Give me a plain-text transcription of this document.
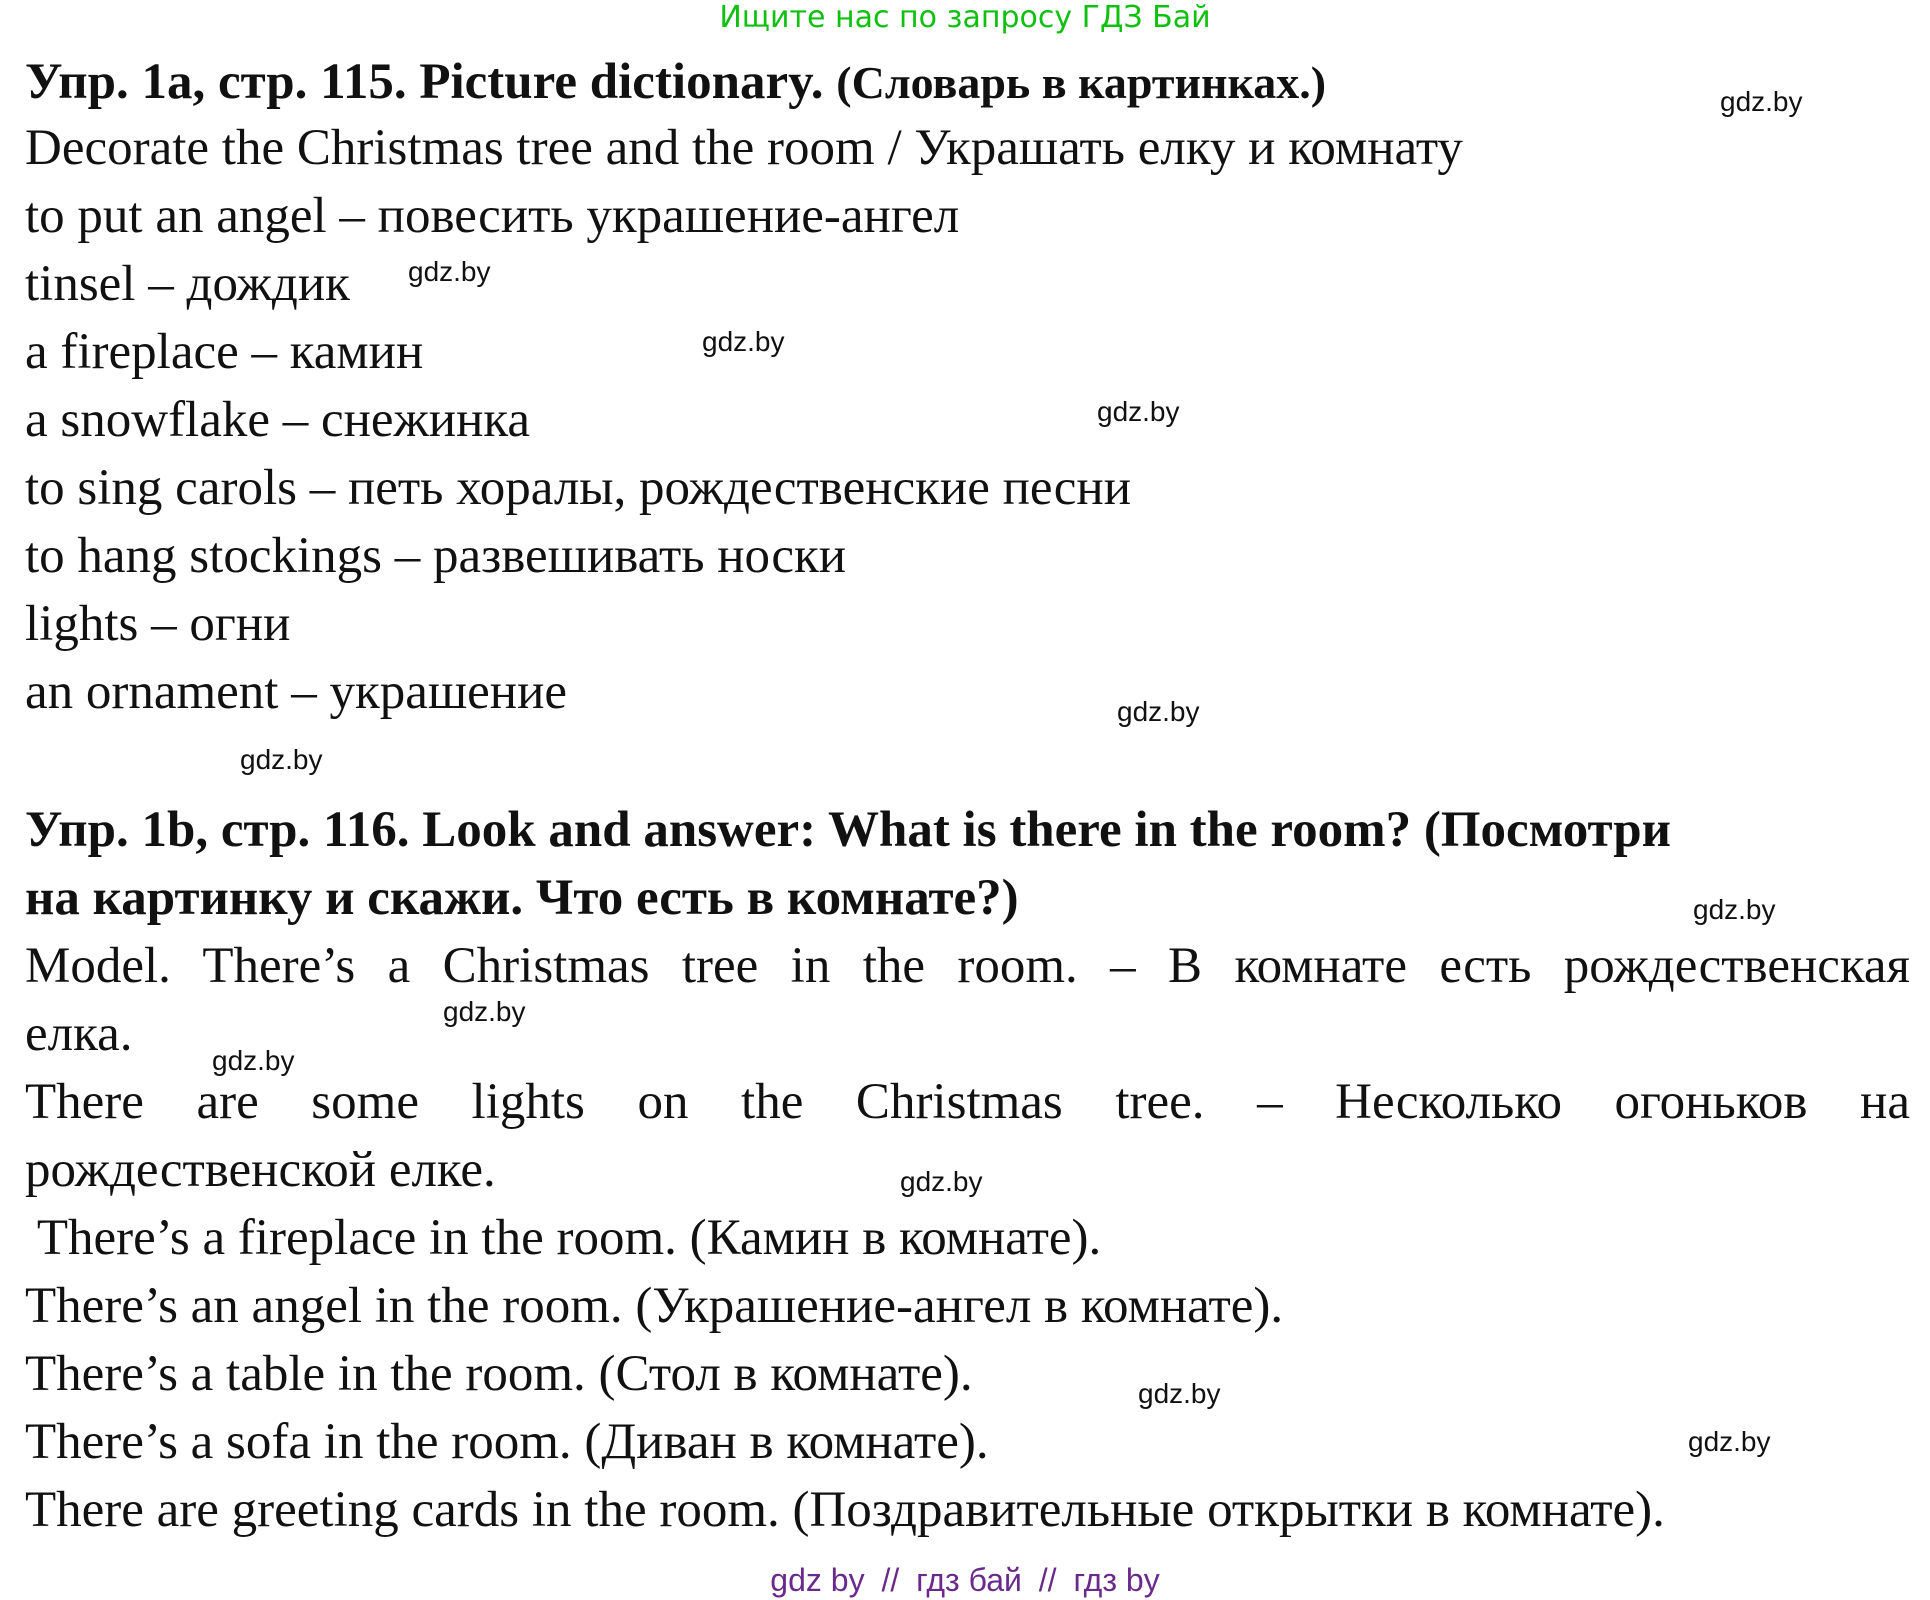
Ищите нас по запросу ГДЗ Бай
Упр. 1a, стр. 115. Picture dictionary. (Словарь в картинках.)
Decorate the Christmas tree and the room / Украшать елку и комнату
to put an angel – повесить украшение-ангел
tinsel – дождик
a fireplace – камин
a snowflake – снежинка
to sing carols – петь хоралы, рождественские песни
to hang stockings – развешивать носки
lights – огни
an ornament – украшение
Упр. 1b, стр. 116. Look and answer: What is there in the room? (Посмотри
на картинку и скажи. Что есть в комнате?)
Model. There’s a Christmas tree in the room. – В комнате есть рождественская
елка.
There are some lights on the Christmas tree. – Несколько огоньков на
рождественской елке.
There’s a fireplace in the room. (Камин в комнате).
There’s an angel in the room. (Украшение-ангел в комнате).
There’s a table in the room. (Стол в комнате).
There’s a sofa in the room. (Диван в комнате).
There are greeting cards in the room. (Поздравительные открытки в комнате).
gdz.by
gdz.by
gdz.by
gdz.by
gdz.by
gdz.by
gdz.by
gdz.by
gdz.by
gdz.by
gdz.by
gdz.by
gdz by // гдз бай // гдз by
